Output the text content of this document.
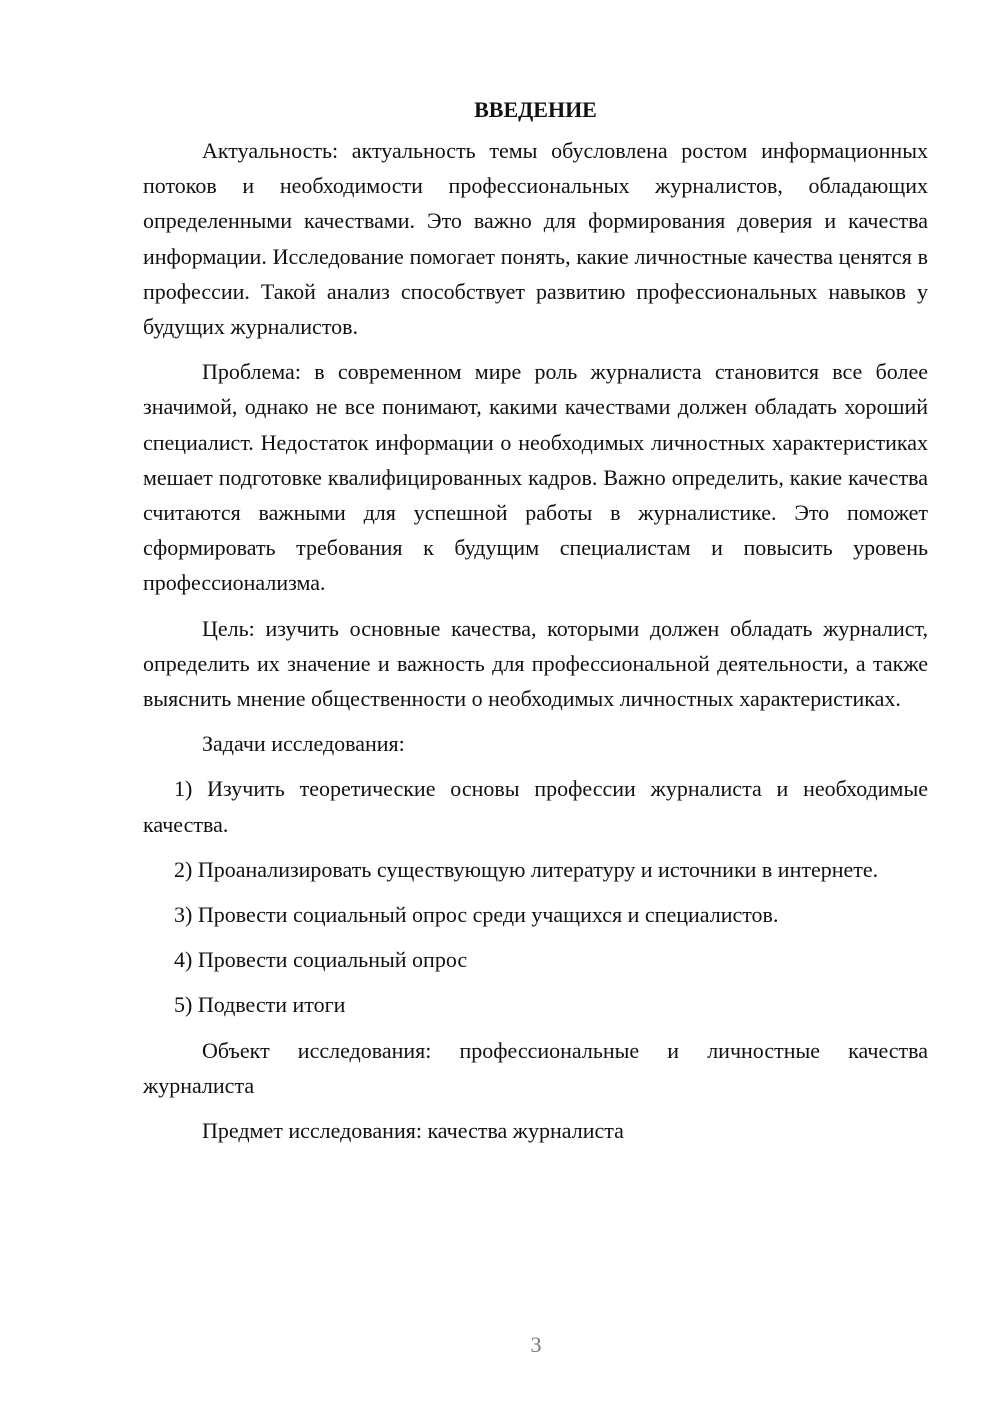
ВВЕДЕНИЕ

Актуальность: актуальность темы обусловлена ростом информационных потоков и необходимости профессиональных журналистов, обладающих определенными качествами. Это важно для формирования доверия и качества информации. Исследование помогает понять, какие личностные качества ценятся в профессии. Такой анализ способствует развитию профессиональных навыков у будущих журналистов.

Проблема: в современном мире роль журналиста становится все более значимой, однако не все понимают, какими качествами должен обладать хороший специалист. Недостаток информации о необходимых личностных характеристиках мешает подготовке квалифицированных кадров. Важно определить, какие качества считаются важными для успешной работы в журналистике. Это поможет сформировать требования к будущим специалистам и повысить уровень профессионализма.

Цель: изучить основные качества, которыми должен обладать журналист, определить их значение и важность для профессиональной деятельности, а также выяснить мнение общественности о необходимых личностных характеристиках.

Задачи исследования:

1) Изучить теоретические основы профессии журналиста и необходимые качества.

2) Проанализировать существующую литературу и источники в интернете.

3) Провести социальный опрос среди учащихся и специалистов.

4) Провести социальный опрос

5) Подвести итоги

Объект исследования: профессиональные и личностные качества журналиста

Предмет исследования: качества журналиста

3
